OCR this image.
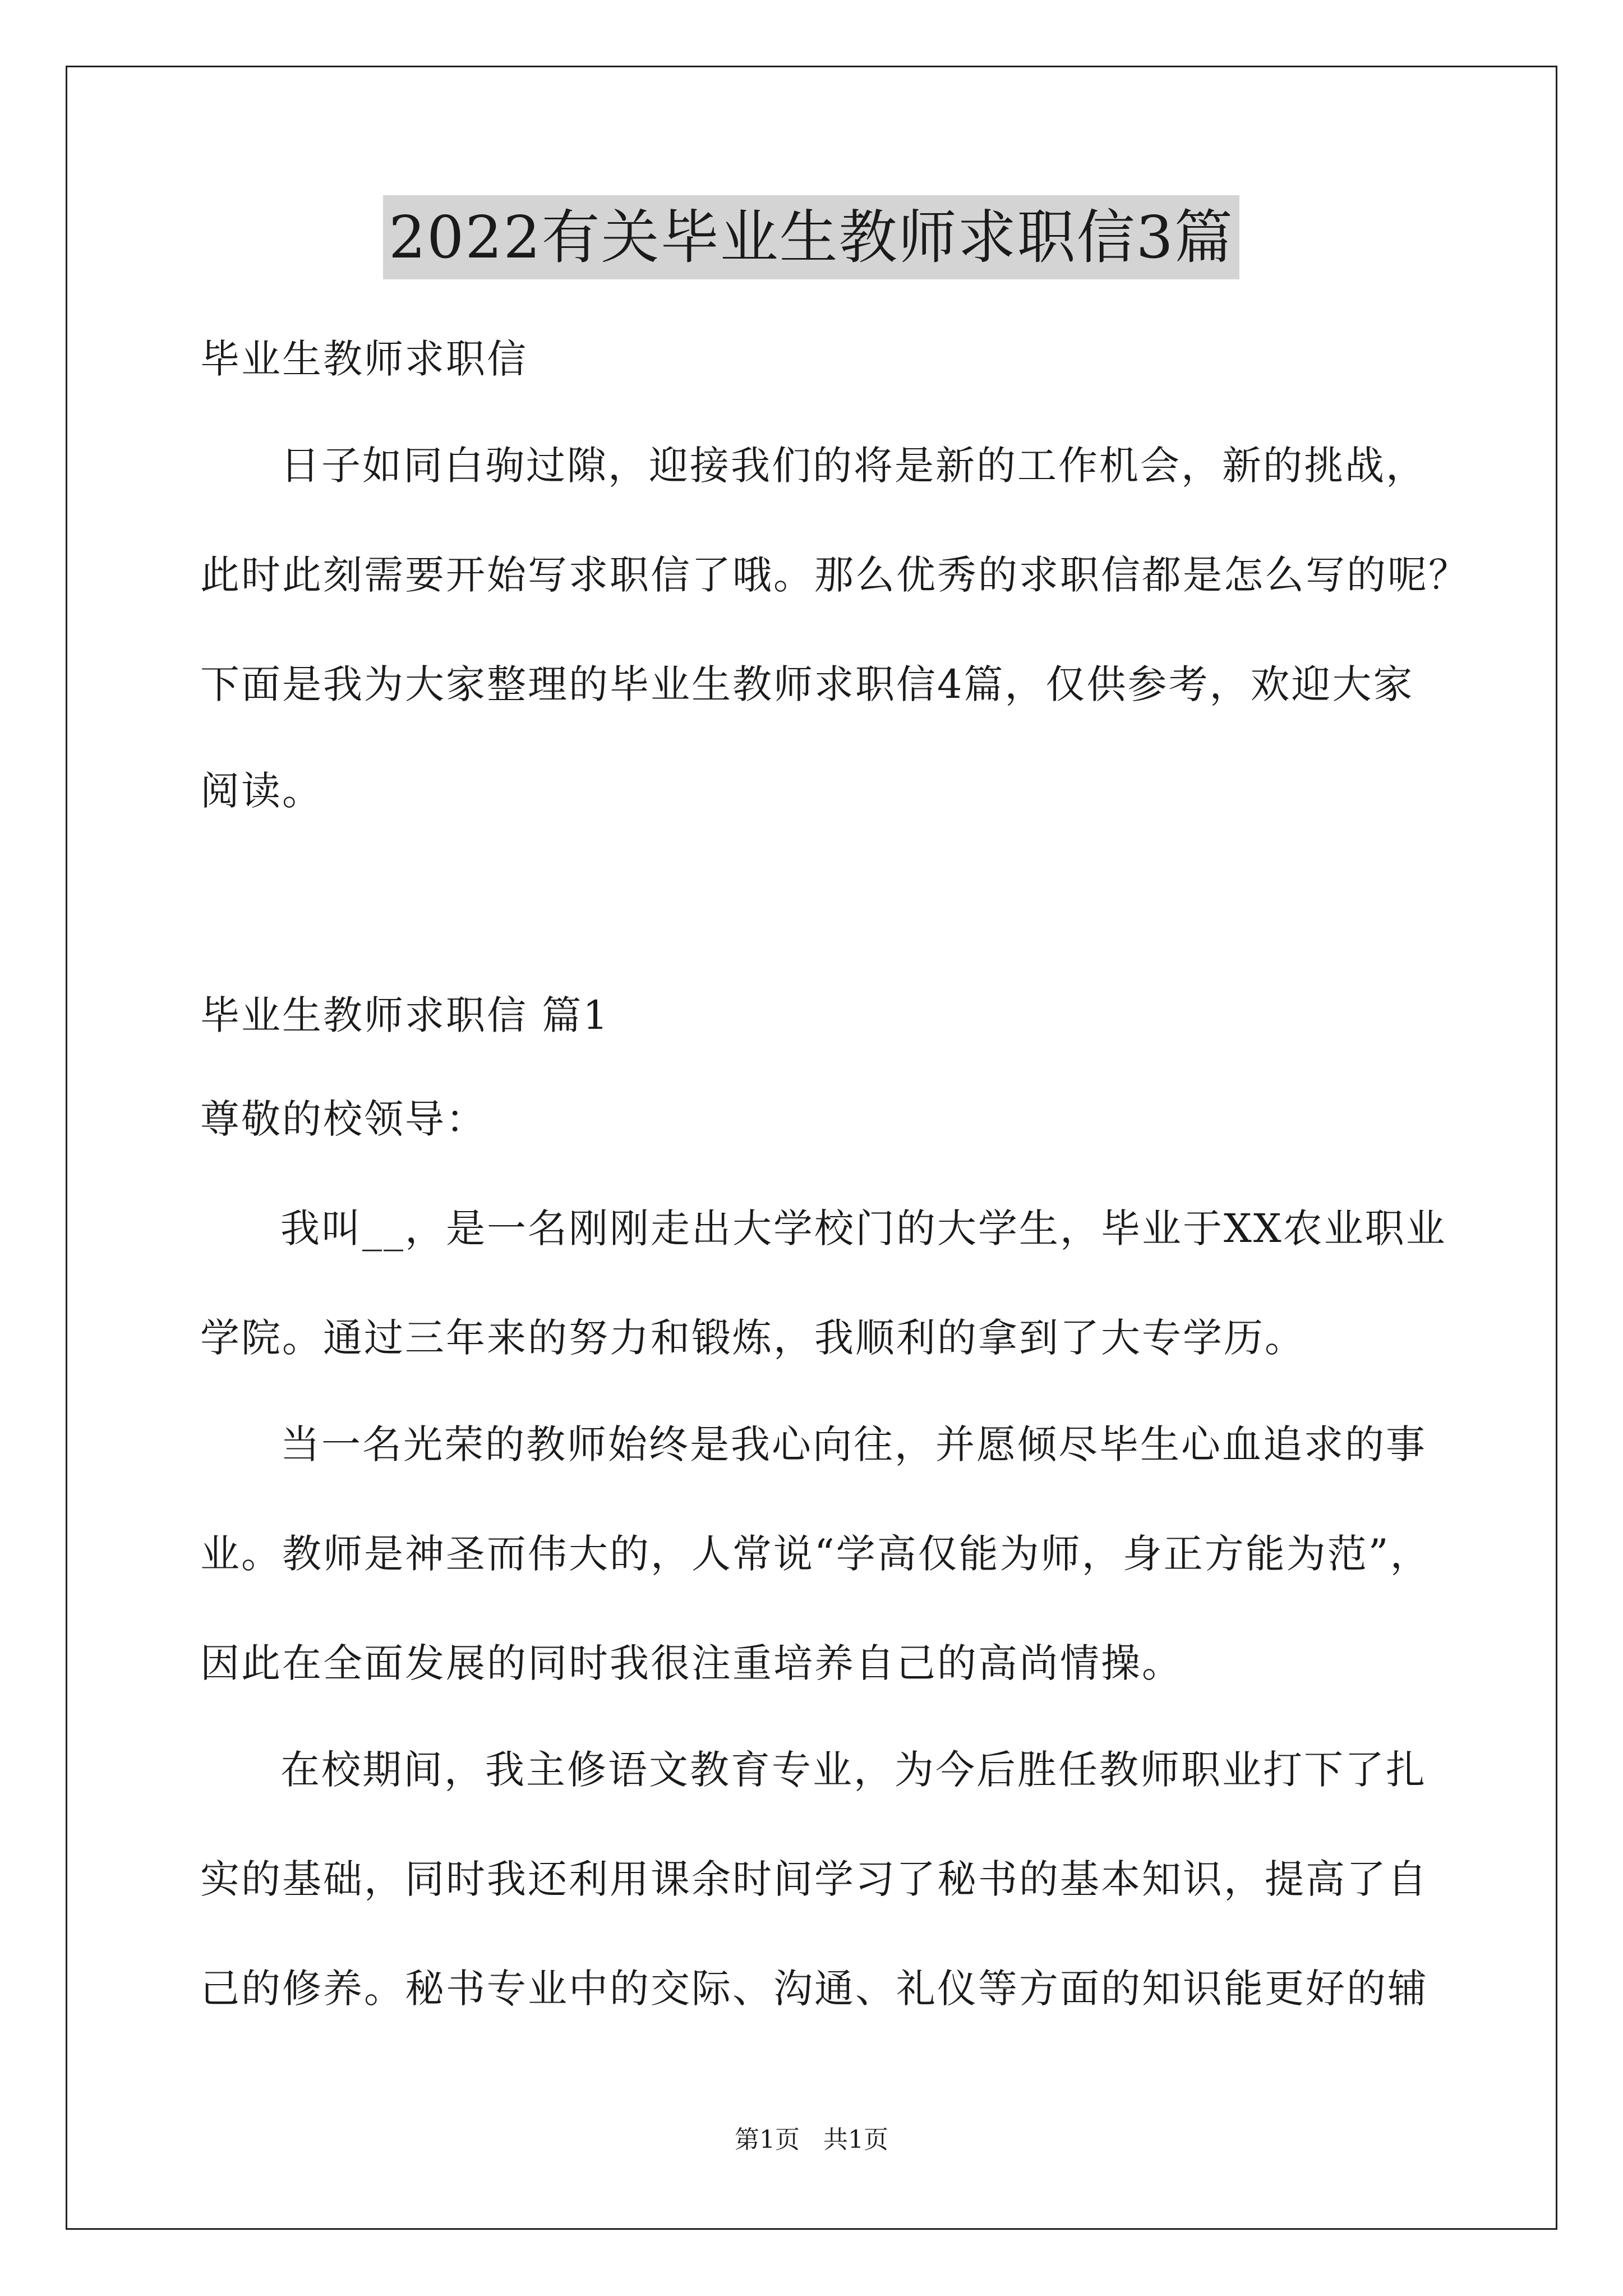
2022有关毕业生教师求职信3篇
毕业生教师求职信
日子如同白驹过隙，迎接我们的将是新的工作机会，新的挑战，
此时此刻需要开始写求职信了哦。那么优秀的求职信都是怎么写的呢？
下面是我为大家整理的毕业生教师求职信4篇，仅供参考，欢迎大家
阅读。
毕业生教师求职信 篇1
尊敬的校领导：
我叫__，是一名刚刚走出大学校门的大学生，毕业于XX农业职业
学院。通过三年来的努力和锻炼，我顺利的拿到了大专学历。
当一名光荣的教师始终是我心向往，并愿倾尽毕生心血追求的事
业。教师是神圣而伟大的，人常说“学高仅能为师，身正方能为范”，
因此在全面发展的同时我很注重培养自己的高尚情操。
在校期间，我主修语文教育专业，为今后胜任教师职业打下了扎
实的基础，同时我还利用课余时间学习了秘书的基本知识，提高了自
己的修养。秘书专业中的交际、沟通、礼仪等方面的知识能更好的辅
第1页   共1页
